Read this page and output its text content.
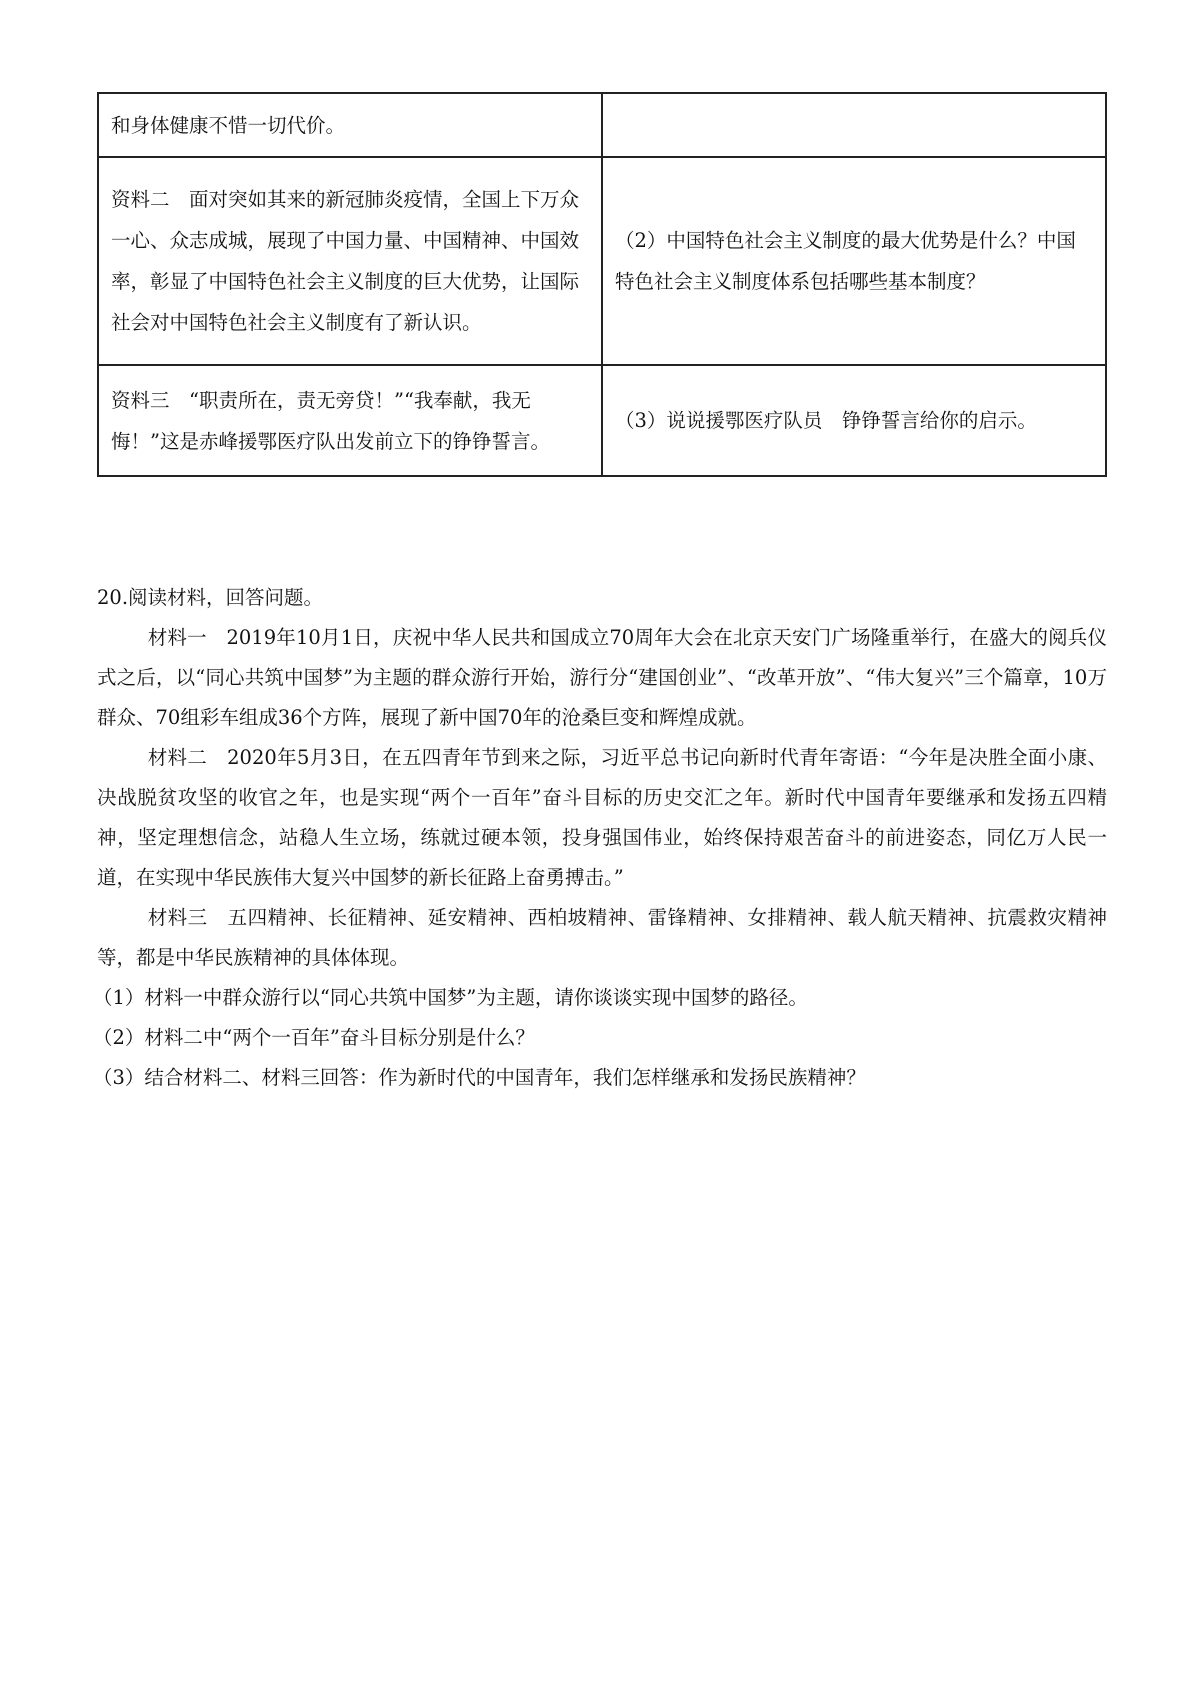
和身体健康不惜一切代价。	
资料二　面对突如其来的新冠肺炎疫情，全国上下万众一心、众志成城，展现了中国力量、中国精神、中国效率，彰显了中国特色社会主义制度的巨大优势，让国际社会对中国特色社会主义制度有了新认识。	（2）中国特色社会主义制度的最大优势是什么？中国特色社会主义制度体系包括哪些基本制度？
资料三　“职责所在，责无旁贷！”“我奉献，我无悔！”这是赤峰援鄂医疗队出发前立下的铮铮誓言。	（3）说说援鄂医疗队员　铮铮誓言给你的启示。

20.阅读材料，回答问题。

材料一　2019年10月1日，庆祝中华人民共和国成立70周年大会在北京天安门广场隆重举行，在盛大的阅兵仪式之后，以“同心共筑中国梦”为主题的群众游行开始，游行分“建国创业”、“改革开放”、“伟大复兴”三个篇章，10万群众、70组彩车组成36个方阵，展现了新中国70年的沧桑巨变和辉煌成就。

材料二　2020年5月3日，在五四青年节到来之际，习近平总书记向新时代青年寄语：“今年是决胜全面小康、决战脱贫攻坚的收官之年，也是实现“两个一百年”奋斗目标的历史交汇之年。新时代中国青年要继承和发扬五四精神，坚定理想信念，站稳人生立场，练就过硬本领，投身强国伟业，始终保持艰苦奋斗的前进姿态，同亿万人民一道，在实现中华民族伟大复兴中国梦的新长征路上奋勇搏击。”

材料三　五四精神、长征精神、延安精神、西柏坡精神、雷锋精神、女排精神、载人航天精神、抗震救灾精神等，都是中华民族精神的具体体现。

（1）材料一中群众游行以“同心共筑中国梦”为主题，请你谈谈实现中国梦的路径。

（2）材料二中“两个一百年”奋斗目标分别是什么？

（3）结合材料二、材料三回答：作为新时代的中国青年，我们怎样继承和发扬民族精神？
